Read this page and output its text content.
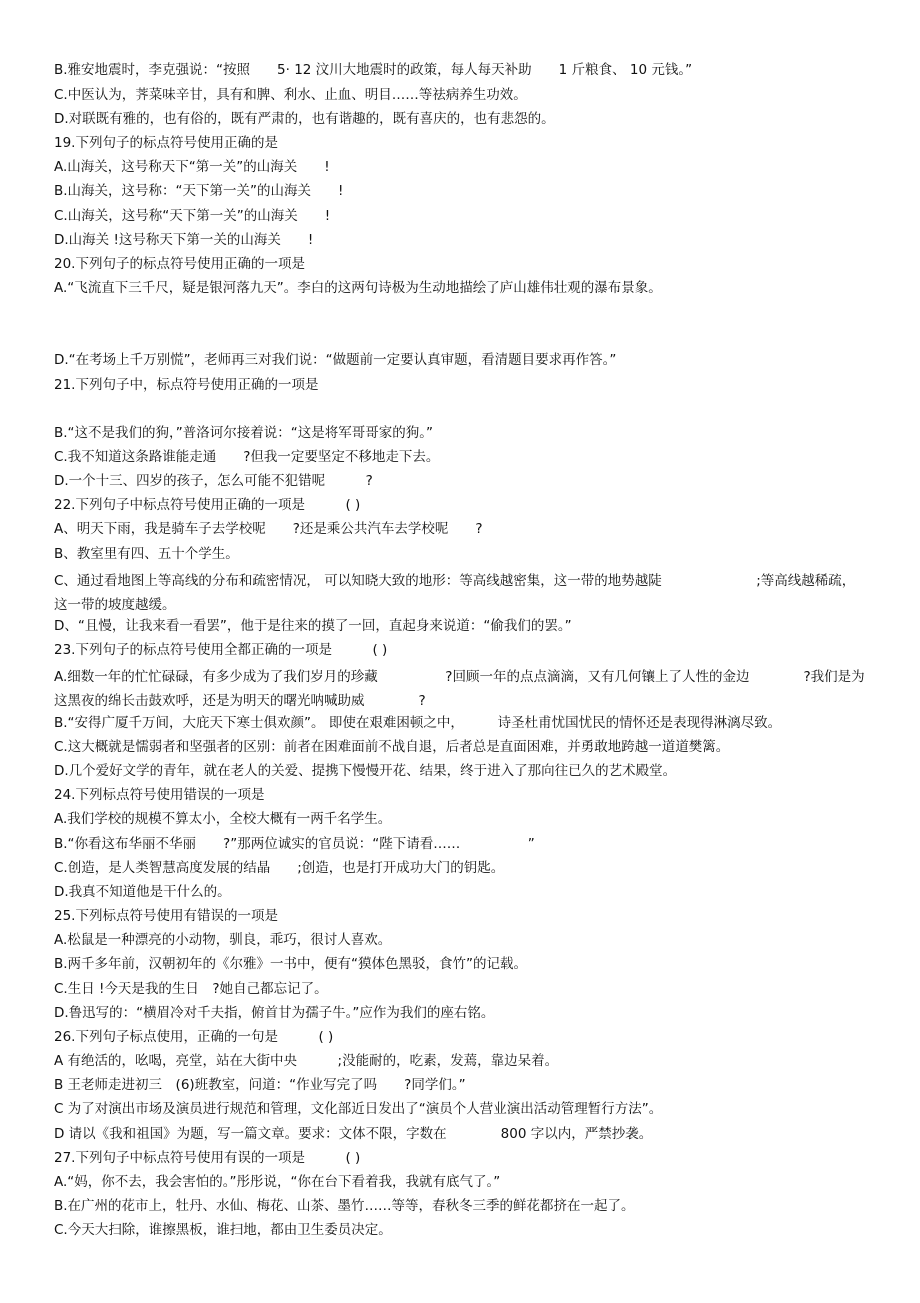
B.雅安地震时，李克强说：“按照　　5· 12 汶川大地震时的政策，每人每天补助　　1 斤粮食、 10 元钱。”
C.中医认为，荠菜味辛甘，具有和脾、利水、止血、明目……等祛病养生功效。
D.对联既有雅的，也有俗的，既有严肃的，也有谐趣的，既有喜庆的，也有悲怨的。
19.下列句子的标点符号使用正确的是
A.山海关，这号称天下“第一关”的山海关　　!
B.山海关，这号称：“天下第一关”的山海关　　!
C.山海关，这号称“天下第一关”的山海关　　!
D.山海关 !这号称天下第一关的山海关　　!
20.下列句子的标点符号使用正确的一项是
A.“飞流直下三千尺，疑是银河落九天”。李白的这两句诗极为生动地描绘了庐山雄伟壮观的瀑布景象。
D.“在考场上千万别慌”，老师再三对我们说：“做题前一定要认真审题，看清题目要求再作答。”
21.下列句子中，标点符号使用正确的一项是
B.“这不是我们的狗，”普洛诃尔接着说：“这是将军哥哥家的狗。”
C.我不知道这条路谁能走通　　?但我一定要坚定不移地走下去。
D.一个十三、四岁的孩子，怎么可能不犯错呢　　　?
22.下列句子中标点符号使用正确的一项是　　　( )
A、明天下雨，我是骑车子去学校呢　　?还是乘公共汽车去学校呢　　?
B、教室里有四、五十个学生。
C、通过看地图上等高线的分布和疏密情况， 可以知晓大致的地形：等高线越密集，这一带的地势越陡　　　　　　　;等高线越稀疏，这一带的坡度越缓。
D、“且慢，让我来看一看罢”，他于是往来的摸了一回，直起身来说道：“偷我们的罢。”
23.下列句子的标点符号使用全都正确的一项是　　　( )
A.细数一年的忙忙碌碌，有多少成为了我们岁月的珍藏　　　　　?回顾一年的点点滴滴，又有几何镶上了人性的金边　　　　?我们是为这黑夜的绵长击鼓欢呼，还是为明天的曙光呐喊助威　　　　?
B.“安得广厦千万间，大庇天下寒士俱欢颜”。 即使在艰难困顿之中，　　　诗圣杜甫忧国忧民的情怀还是表现得淋漓尽致。
C.这大概就是懦弱者和坚强者的区别：前者在困难面前不战自退，后者总是直面困难，并勇敢地跨越一道道樊篱。
D.几个爱好文学的青年，就在老人的关爱、提携下慢慢开花、结果，终于进入了那向往已久的艺术殿堂。
24.下列标点符号使用错误的一项是
A.我们学校的规模不算太小，全校大概有一两千名学生。
B.“你看这布华丽不华丽　　?”那两位诚实的官员说：“陛下请看……　　　　　”
C.创造，是人类智慧高度发展的结晶　　;创造，也是打开成功大门的钥匙。
D.我真不知道他是干什么的。
25.下列标点符号使用有错误的一项是
A.松鼠是一种漂亮的小动物，驯良，乖巧，很讨人喜欢。
B.两千多年前，汉朝初年的《尔雅》一书中，便有“獏体色黑驳，食竹”的记载。
C.生日 !今天是我的生日　?她自己都忘记了。
D.鲁迅写的：“横眉冷对千夫指，俯首甘为孺子牛。”应作为我们的座右铭。
26.下列句子标点使用，正确的一句是　　　( )
A 有绝活的，吆喝，亮堂，站在大街中央　　　;没能耐的，吃素，发蔫，靠边呆着。
B 王老师走进初三　(6)班教室，问道：“作业写完了吗　　?同学们。”
C 为了对演出市场及演员进行规范和管理，文化部近日发出了“演员个人营业演出活动管理暂行方法”。
D 请以《我和祖国》为题，写一篇文章。要求：文体不限，字数在　　　　800 字以内，严禁抄袭。
27.下列句子中标点符号使用有误的一项是　　　( )
A.“妈，你不去，我会害怕的。”彤彤说，“你在台下看着我，我就有底气了。”
B.在广州的花市上，牡丹、水仙、梅花、山茶、墨竹……等等，春秋冬三季的鲜花都挤在一起了。
C.今天大扫除，谁擦黑板，谁扫地，都由卫生委员决定。
